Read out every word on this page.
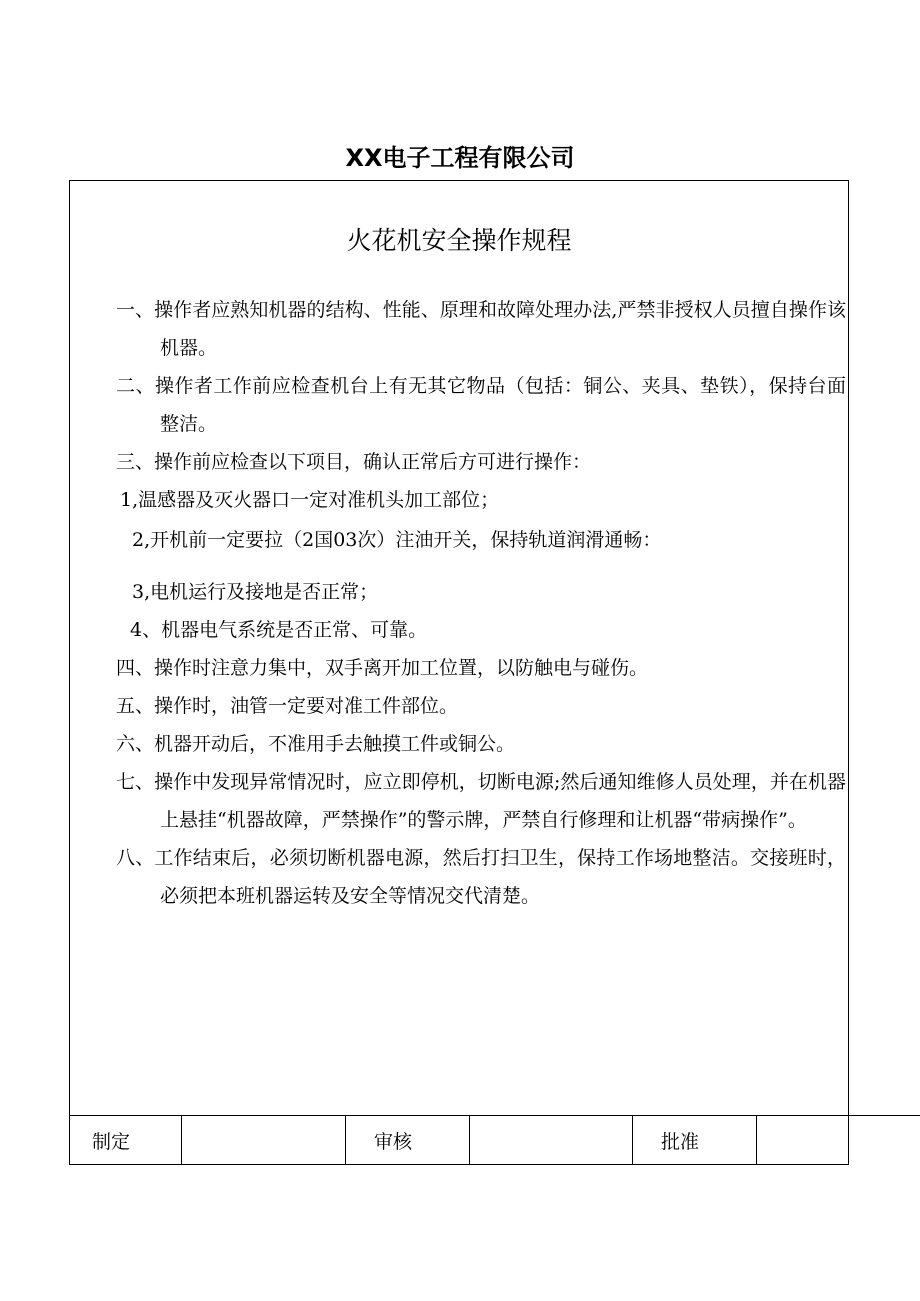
XX电子工程有限公司
火花机安全操作规程
一、操作者应熟知机器的结构、性能、原理和故障处理办法,严禁非授权人员擅自操作该机器。
二、操作者工作前应检查机台上有无其它物品（包括：铜公、夹具、垫铁），保持台面整洁。
三、操作前应检查以下项目，确认正常后方可进行操作：
1,温感器及灭火器口一定对准机头加工部位；
2,开机前一定要拉（2国03次）注油开关，保持轨道润滑通畅：
3,电机运行及接地是否正常；
4、机器电气系统是否正常、可靠。
四、操作时注意力集中，双手离开加工位置，以防触电与碰伤。
五、操作时，油管一定要对准工件部位。
六、机器开动后，不准用手去触摸工件或铜公。
七、操作中发现异常情况时，应立即停机，切断电源;然后通知维修人员处理，并在机器上悬挂“机器故障，严禁操作”的警示牌，严禁自行修理和让机器“带病操作”。
八、工作结束后，必须切断机器电源，然后打扫卫生，保持工作场地整洁。交接班时，必须把本班机器运转及安全等情况交代清楚。
制定		审核		批准	
